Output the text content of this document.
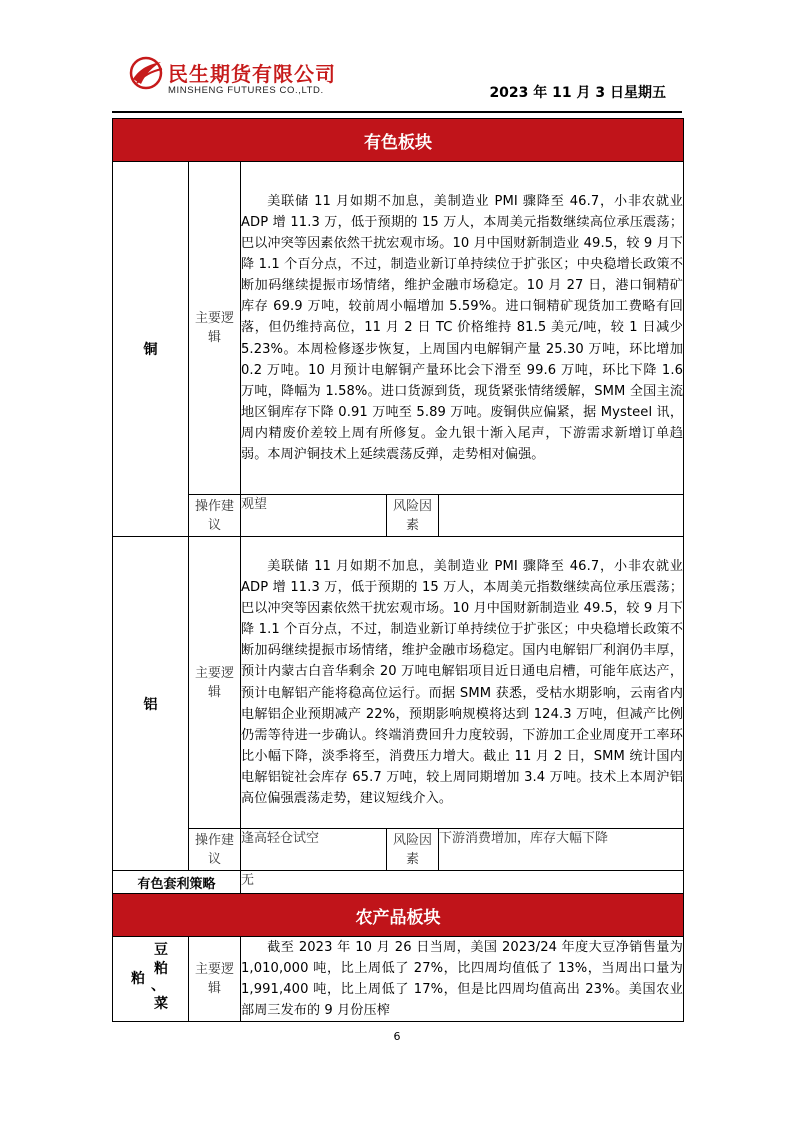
民生期货有限公司
MINSHENG FUTURES CO.,LTD.	2023 年 11 月 3 日星期五
有色板块				
铜	主要逻辑	美联储 11 月如期不加息，美制造业 PMI 骤降至 46.7，小非农就业 ADP 增 11.3 万，低于预期的 15 万人，本周美元指数继续高位承压震荡；巴以冲突等因素依然干扰宏观市场。10 月中国财新制造业 49.5，较 9 月下降 1.1 个百分点，不过，制造业新订单持续位于扩张区；中央稳增长政策不断加码继续提振市场情绪，维护金融市场稳定。10 月 27 日，港口铜精矿库存 69.9 万吨，较前周小幅增加 5.59%。进口铜精矿现货加工费略有回落，但仍维持高位，11 月 2 日 TC 价格维持 81.5 美元/吨，较 1 日减少 5.23%。本周检修逐步恢复，上周国内电解铜产量 25.30 万吨，环比增加 0.2 万吨。10 月预计电解铜产量环比会下滑至 99.6 万吨，环比下降 1.6 万吨，降幅为 1.58%。进口货源到货，现货紧张情绪缓解，SMM 全国主流地区铜库存下降 0.91 万吨至 5.89 万吨。废铜供应偏紧，据 Mysteel 讯，周内精废价差较上周有所修复。金九银十渐入尾声，下游需求新增订单趋弱。本周沪铜技术上延续震荡反弹，走势相对偏强。		

	操作建议	观望	风险因素	
铝	主要逻辑	美联储 11 月如期不加息，美制造业 PMI 骤降至 46.7，小非农就业 ADP 增 11.3 万，低于预期的 15 万人，本周美元指数继续高位承压震荡；巴以冲突等因素依然干扰宏观市场。10 月中国财新制造业 49.5，较 9 月下降 1.1 个百分点，不过，制造业新订单持续位于扩张区；中央稳增长政策不断加码继续提振市场情绪，维护金融市场稳定。国内电解铝厂利润仍丰厚，预计内蒙古白音华剩余 20 万吨电解铝项目近日通电启槽，可能年底达产，预计电解铝产能将稳高位运行。而据 SMM 获悉，受枯水期影响，云南省内电解铝企业预期减产 22%，预期影响规模将达到 124.3 万吨，但减产比例仍需等待进一步确认。终端消费回升力度较弱，下游加工企业周度开工率环比小幅下降，淡季将至，消费压力增大。截止 11 月 2 日，SMM 统计国内电解铝锭社会库存 65.7 万吨，较上周同期增加 3.4 万吨。技术上本周沪铝高位偏强震荡走势，建议短线介入。		

	操作建议	逢高轻仓试空	风险因素	下游消费增加，库存大幅下降
有色套利策略		无		
农产品板块				

粕
豆
粕
、
菜	主要逻辑	截至 2023 年 10 月 26 日当周，美国 2023/24 年度大豆净销售量为 1,010,000 吨，比上周低了 27%，比四周均值低了 13%，当周出口量为 1,991,400 吨，比上周低了 17%，但是比四周均值高出 23%。美国农业部周三发布的 9 月份压榨		

6
